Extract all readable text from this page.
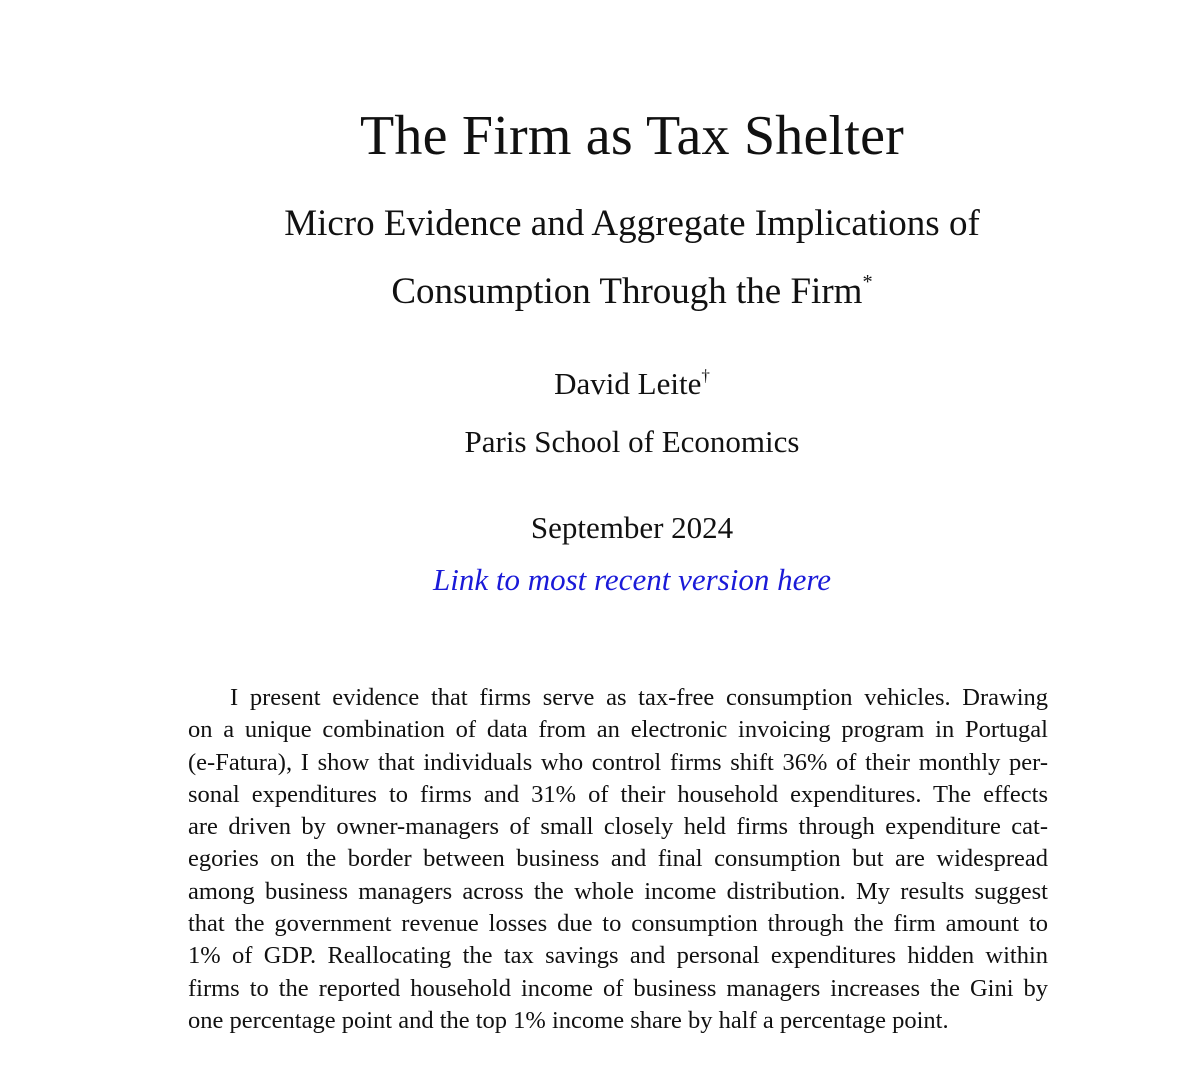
The Firm as Tax Shelter
Micro Evidence and Aggregate Implications of
Consumption Through the Firm*
David Leite†
Paris School of Economics
September 2024
Link to most recent version here
I present evidence that firms serve as tax-free consumption vehicles. Drawing
on a unique combination of data from an electronic invoicing program in Portugal
(e-Fatura), I show that individuals who control firms shift 36% of their monthly per-
sonal expenditures to firms and 31% of their household expenditures. The effects
are driven by owner-managers of small closely held firms through expenditure cat-
egories on the border between business and final consumption but are widespread
among business managers across the whole income distribution. My results suggest
that the government revenue losses due to consumption through the firm amount to
1% of GDP. Reallocating the tax savings and personal expenditures hidden within
firms to the reported household income of business managers increases the Gini by
one percentage point and the top 1% income share by half a percentage point.
